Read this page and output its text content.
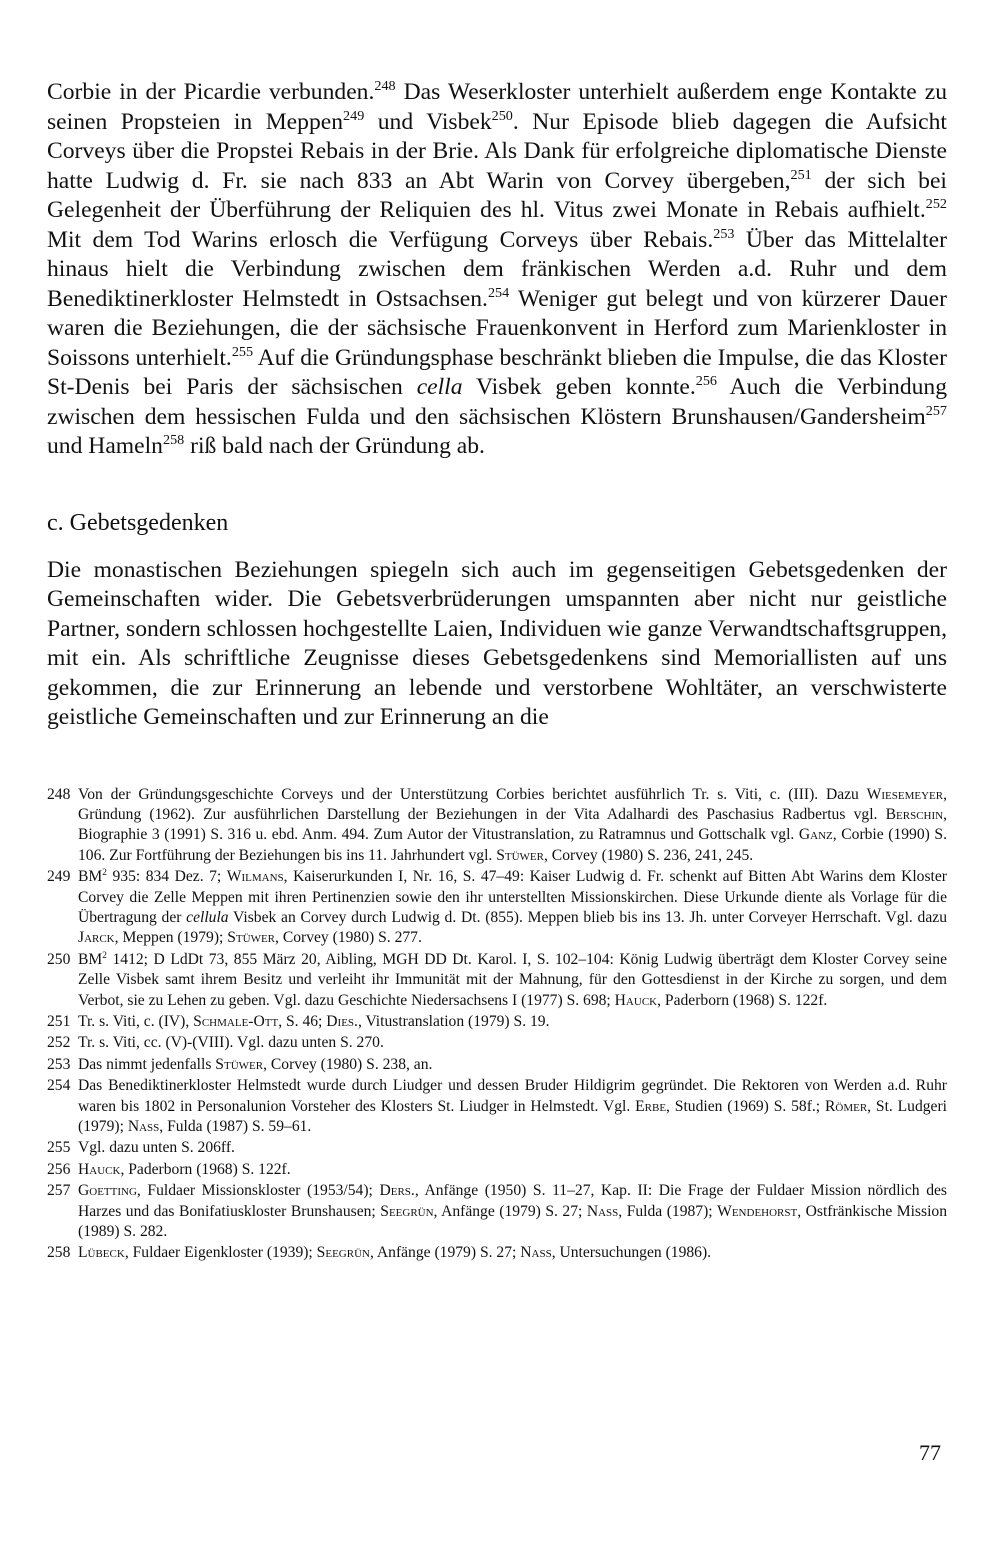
Corbie in der Picardie verbunden.$^{248}$ Das Weserkloster unterhielt außerdem enge Kontakte zu seinen Propsteien in Meppen$^{249}$ und Visbek$^{250}$. Nur Episode blieb dagegen die Aufsicht Corveys über die Propstei Rebais in der Brie. Als Dank für erfolgreiche diplomatische Dienste hatte Ludwig d. Fr. sie nach 833 an Abt Warin von Corvey übergeben,$^{251}$ der sich bei Gelegenheit der Überführung der Reliquien des hl. Vitus zwei Monate in Rebais aufhielt.$^{252}$ Mit dem Tod Warins erlosch die Verfügung Corveys über Rebais.$^{253}$ Über das Mittelalter hinaus hielt die Verbindung zwischen dem fränkischen Werden a.d. Ruhr und dem Benediktinerkloster Helmstedt in Ostsachsen.$^{254}$ Weniger gut belegt und von kürzerer Dauer waren die Beziehungen, die der sächsische Frauenkonvent in Herford zum Marienkloster in Soissons unterhielt.$^{255}$ Auf die Gründungsphase beschränkt blieben die Impulse, die das Kloster St-Denis bei Paris der sächsischen cella Visbek geben konnte.$^{256}$ Auch die Verbindung zwischen dem hessischen Fulda und den sächsischen Klöstern Brunshausen/Gandersheim$^{257}$ und Hameln$^{258}$ riß bald nach der Gründung ab.

c. Gebetsgedenken

Die monastischen Beziehungen spiegeln sich auch im gegenseitigen Gebetsgedenken der Gemeinschaften wider. Die Gebetsverbrüderungen umspannten aber nicht nur geistliche Partner, sondern schlossen hochgestellte Laien, Individuen wie ganze Verwandtschaftsgruppen, mit ein. Als schriftliche Zeugnisse dieses Gebetsgedenkens sind Memoriallisten auf uns gekommen, die zur Erinnerung an lebende und verstorbene Wohltäter, an verschwisterte geistliche Gemeinschaften und zur Erinnerung an die

248 Von der Gründungsgeschichte Corveys und der Unterstützung Corbies berichtet ausführlich Tr. s. Viti, c. (III). Dazu Wiesemeyer, Gründung (1962). Zur ausführlichen Darstellung der Beziehungen in der Vita Adalhardi des Paschasius Radbertus vgl. Berschin, Biographie 3 (1991) S. 316 u. ebd. Anm. 494. Zum Autor der Vitustranslation, zu Ratramnus und Gottschalk vgl. Ganz, Corbie (1990) S. 106. Zur Fortführung der Beziehungen bis ins 11. Jahrhundert vgl. Stüwer, Corvey (1980) S. 236, 241, 245.
249 $BM^2$ 935: 834 Dez. 7; Wilmans, Kaiserurkunden I, Nr. 16, S. 47–49: Kaiser Ludwig d. Fr. schenkt auf Bitten Abt Warins dem Kloster Corvey die Zelle Meppen mit ihren Pertinenzien sowie den ihr unterstellten Missionskirchen. Diese Urkunde diente als Vorlage für die Übertragung der cellula Visbek an Corvey durch Ludwig d. Dt. (855). Meppen blieb bis ins 13. Jh. unter Corveyer Herrschaft. Vgl. dazu Jarck, Meppen (1979); Stüwer, Corvey (1980) S. 277.
250 $BM^2$ 1412; D LdDt 73, 855 März 20, Aibling, MGH DD Dt. Karol. I, S. 102–104: König Ludwig überträgt dem Kloster Corvey seine Zelle Visbek samt ihrem Besitz und verleiht ihr Immunität mit der Mahnung, für den Gottesdienst in der Kirche zu sorgen, und dem Verbot, sie zu Lehen zu geben. Vgl. dazu Geschichte Niedersachsens I (1977) S. 698; Hauck, Paderborn (1968) S. 122f.
251 Tr. s. Viti, c. (IV), Schmale-Ott, S. 46; Dies., Vitustranslation (1979) S. 19.
252 Tr. s. Viti, cc. (V)-(VIII). Vgl. dazu unten S. 270.
253 Das nimmt jedenfalls Stüwer, Corvey (1980) S. 238, an.
254 Das Benediktinerkloster Helmstedt wurde durch Liudger und dessen Bruder Hildigrim gegründet. Die Rektoren von Werden a.d. Ruhr waren bis 1802 in Personalunion Vorsteher des Klosters St. Liudger in Helmstedt. Vgl. Erbe, Studien (1969) S. 58f.; Römer, St. Ludgeri (1979); Nass, Fulda (1987) S. 59–61.
255 Vgl. dazu unten S. 206ff.
256 Hauck, Paderborn (1968) S. 122f.
257 Goetting, Fuldaer Missionskloster (1953/54); Ders., Anfänge (1950) S. 11–27, Kap. II: Die Frage der Fuldaer Mission nördlich des Harzes und das Bonifatiuskloster Brunshausen; Seegrün, Anfänge (1979) S. 27; Nass, Fulda (1987); Wendehorst, Ostfränkische Mission (1989) S. 282.
258 Lübeck, Fuldaer Eigenkloster (1939); Seegrün, Anfänge (1979) S. 27; Nass, Untersuchungen (1986).
77
